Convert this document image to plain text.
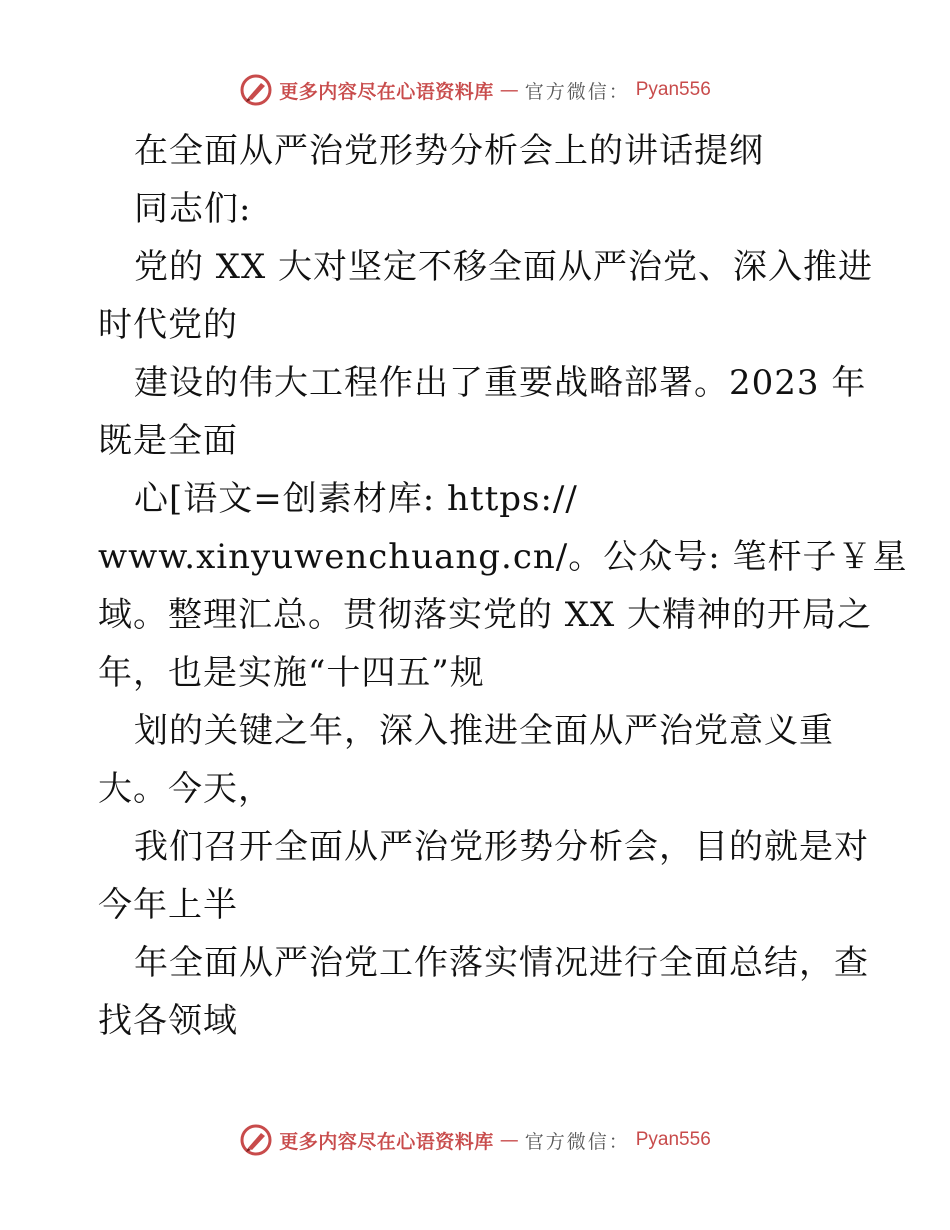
更多内容尽在心语资料库 — 官方微信： Pyan556
在全面从严治党形势分析会上的讲话提纲
同志们:
党的 XX 大对坚定不移全面从严治党、深入推进
时代党的
建设的伟大工程作出了重要战略部署。2023 年
既是全面
心[语文=创素材库: https://
www.xinyuwenchuang.cn/。公众号: 笔杆子￥星
域。整理汇总。贯彻落实党的 XX 大精神的开局之
年，也是实施“十四五”规
划的关键之年，深入推进全面从严治党意义重
大。今天，
我们召开全面从严治党形势分析会，目的就是对
今年上半
年全面从严治党工作落实情况进行全面总结，查
找各领域
更多内容尽在心语资料库 — 官方微信： Pyan556
